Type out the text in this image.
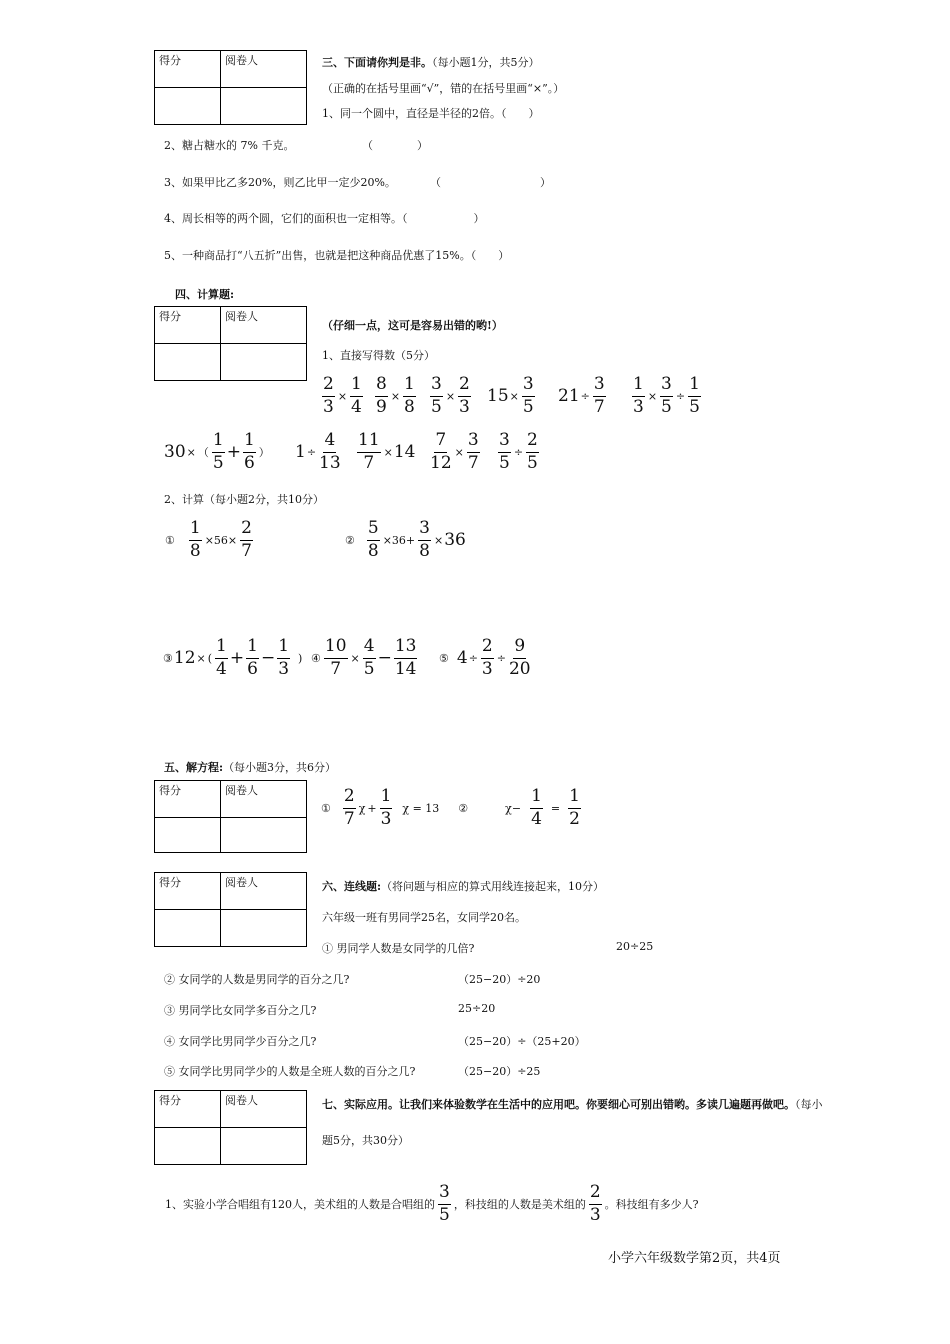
得分	阅卷人

		三、下面请你判是非。（每小题1分，共5分）
（正确的在括号里画“√”，错的在括号里画“×”。）
1、同一个圆中，直径是半径的2倍。（　　）
2、糖占糖水的 7% 千克。	（　　　　）
3、如果甲比乙多20%，则乙比甲一定少20%。	（　　　　　　　　　）
4、周长相等的两个圆，它们的面积也一定相等。（　　　　　　）
5、一种商品打“八五折”出售，也就是把这种商品优惠了15%。（　　）
四、计算题:
得分	阅卷人

（仔细一点，这可是容易出错的哟!）
1、直接写得数（5分）
$\frac{2}{3} \times \frac{1}{4} \frac{8}{9} \times \frac{1}{8} \frac{3}{5} \times \frac{2}{3} 15 \times \frac{3}{5} 21 \div \frac{3}{7} \frac{1}{3} \times \frac{3}{5} \div \frac{1}{5}$
30 × （ $\frac{1}{5} + \frac{1}{6}$ ） $1 \div \frac{4}{13} \frac{11}{7} \times 14 \frac{7}{12} \times \frac{3}{7} \frac{3}{5} \div \frac{2}{5}$
2、计算（每小题2分，共10分）
① $\frac{1}{8} \times 56\times \frac{2}{7}$	② $\frac{5}{8} \times 36+ \frac{3}{8} \times 36$
③ 12 × ( $\frac{1}{4} + \frac{1}{6} - \frac{1}{3}$ ) ④ $\frac{10}{7} \times \frac{4}{5} - \frac{13}{14}$ ⑤ $4 \div \frac{2}{3} \div \frac{9}{20}$
五、解方程:（每小题3分，共6分）
得分	阅卷人

① $\frac{2}{7}$ $\chi + \frac{1}{3}$ χ = 13 ②	$\chi- \frac{1}{4} = \frac{1}{2}$
得分	阅卷人

		六、连线题:（将问题与相应的算式用线连接起来，10分）
六年级一班有男同学25名，女同学20名。
① 男同学人数是女同学的几倍?	20÷25
② 女同学的人数是男同学的百分之几?	（25−20）÷20
③ 男同学比女同学多百分之几?	25÷20
④ 女同学比男同学少百分之几?	（25−20）÷（25+20）
⑤ 女同学比男同学少的人数是全班人数的百分之几?	（25−20）÷25
得分	阅卷人

		七、实际应用。让我们来体验数学在生活中的应用吧。你要细心可别出错哟。多读几遍题再做吧。（每小
题5分，共30分）
1、实验小学合唱组有120人，美术组的人数是合唱组的 $\frac{3}{5}$ ，科技组的人数是美术组的 $\frac{2}{3}$ 。科技组有多少人?
小学六年级数学第2页，共4页
